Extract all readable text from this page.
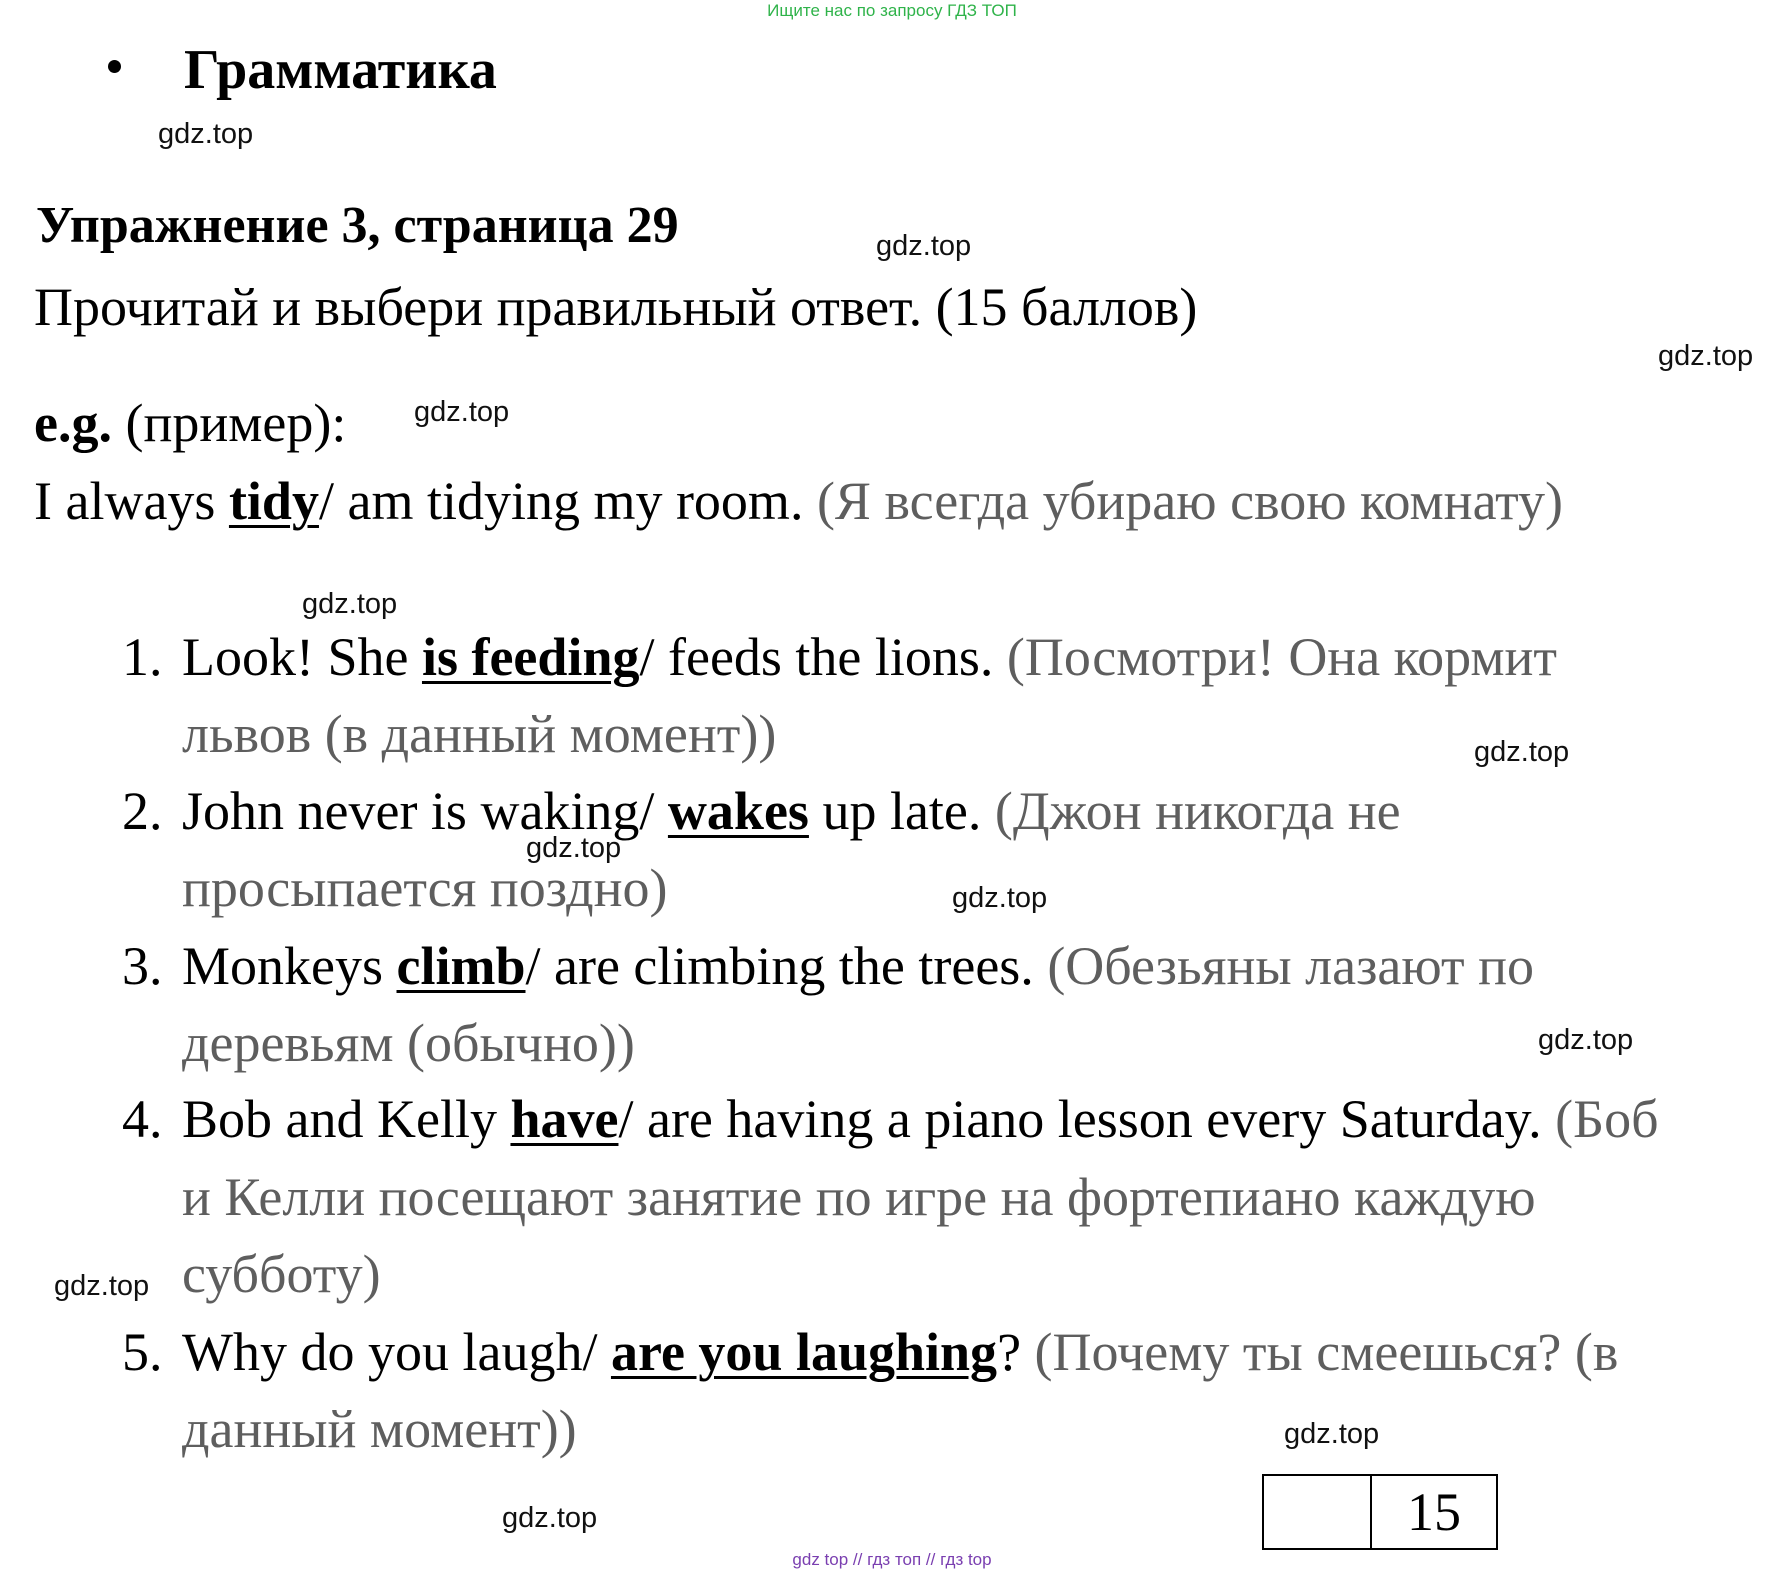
Ищите нас по запросу ГДЗ ТОП
Грамматика
gdz.top
Упражнение 3, страница 29	gdz.top
Прочитай и выбери правильный ответ. (15 баллов)
gdz.top
e.g. (пример): gdz.top
I always tidy/ am tidying my room. (Я всегда убираю свою комнату)
gdz.top
1. Look! She is feeding/ feeds the lions. (Посмотри! Она кормит
львов (в данный момент))	gdz.top
2. John never is waking/ wakes up late. (Джон никогда не
gdz.top
просыпается поздно)	gdz.top
3. Monkeys climb/ are climbing the trees. (Обезьяны лазают по
деревьям (обычно))	gdz.top
4. Bob and Kelly have/ are having a piano lesson every Saturday. (Боб
и Келли посещают занятие по игре на фортепиано каждую
субботу)
gdz.top
5. Why do you laugh/ are you laughing? (Почему ты смеешься? (в
данный момент))	gdz.top
gdz.top	15
gdz top // гдз топ // гдз top
